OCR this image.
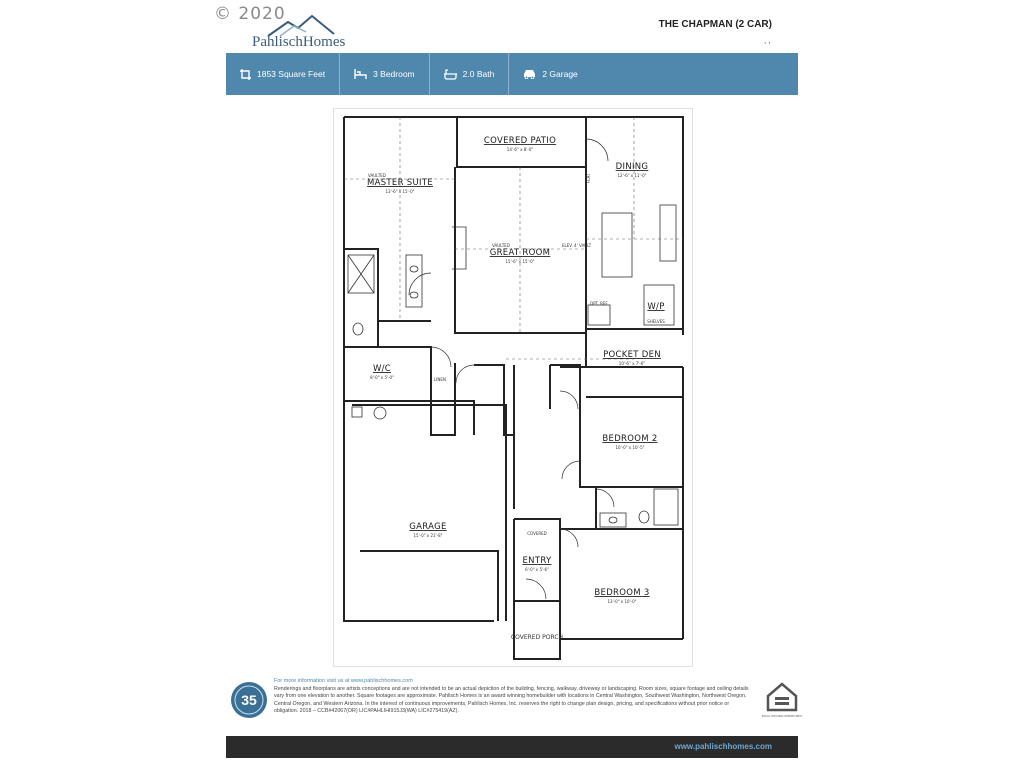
© 2020
PahlischHomes
THE CHAPMAN (2 CAR)
, ,
1853 Square Feet	3 Bedroom	2.0 Bath	2 Garage
COVERED PATIO
14'-6" x 8'-0"
DINING
12'-6" x 11'-0"
VAULTED
MASTER SUITE
13'-6" x 15'-0"
VAULTED
GREAT ROOM
15'-6" x 15'-0"
ELEV. 4' VAULT
FLAT
W/C
8'-0" x 5'-0"	LINEN
OPT. REF	W/P
SHELVES
POCKET DEN
10'-6" x 7'-6"
BEDROOM 2
10'-0" x 10'-5"
GARAGE
15'-0" x 21'-8"	COVERED
ENTRY
6'-0" x 5'-6"
BEDROOM 3
13'-0" x 10'-0"
COVERED PORCH
35
For more information visit us at www.pahlischhomes.com
Renderings and floorplans are artists conceptions and are not intended to be an actual depiction of the building, fencing, walkway, driveway or landscaping. Room sizes, square footage and ceiling details vary from one elevation to another. Square footages are approximate. Pahlisch Homes is an award winning homebuilder with locations in Central Washington, Southwest Washington, Northwest Oregon, Central Oregon, and Western Arizona. In the interest of continuous improvements, Pahlisch Homes, Inc. reserves the right to change plan design, pricing, and specifications without prior notice or obligation. 2018 – CCB#42067(OR) LIC#PAHLIHI915J3(WA) LIC#275419(AZ).
EQUAL HOUSING OPPORTUNITY
www.pahlischhomes.com
